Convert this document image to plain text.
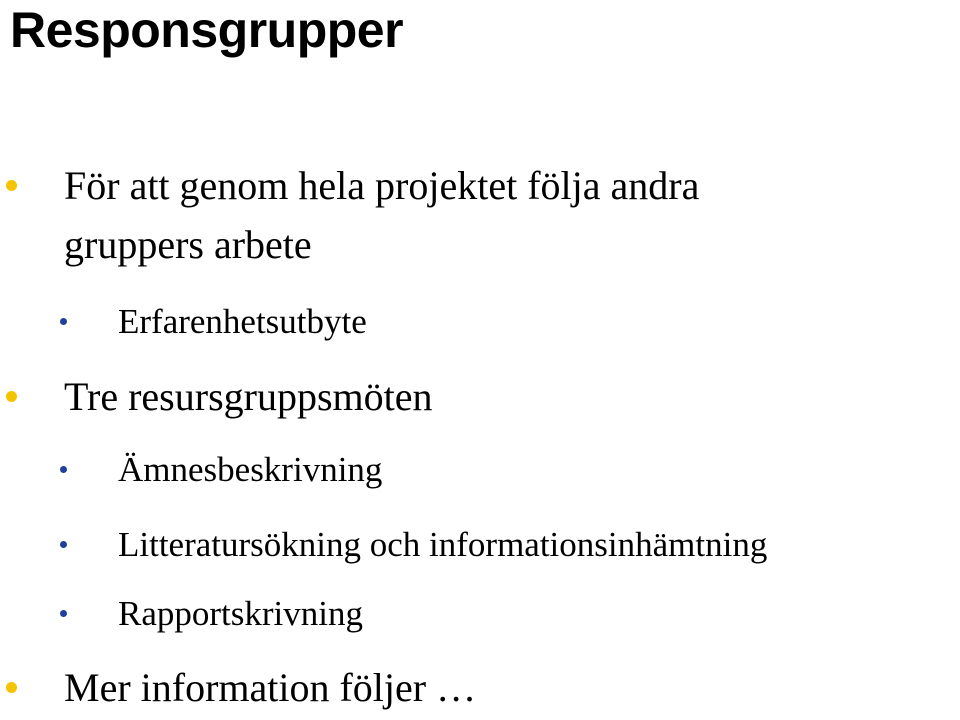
Responsgrupper
För att genom hela projektet följa andra
gruppers arbete
Erfarenhetsutbyte
Tre resursgruppsmöten
Ämnesbeskrivning
Litteratursökning och informationsinhämtning
Rapportskrivning
Mer information följer …
